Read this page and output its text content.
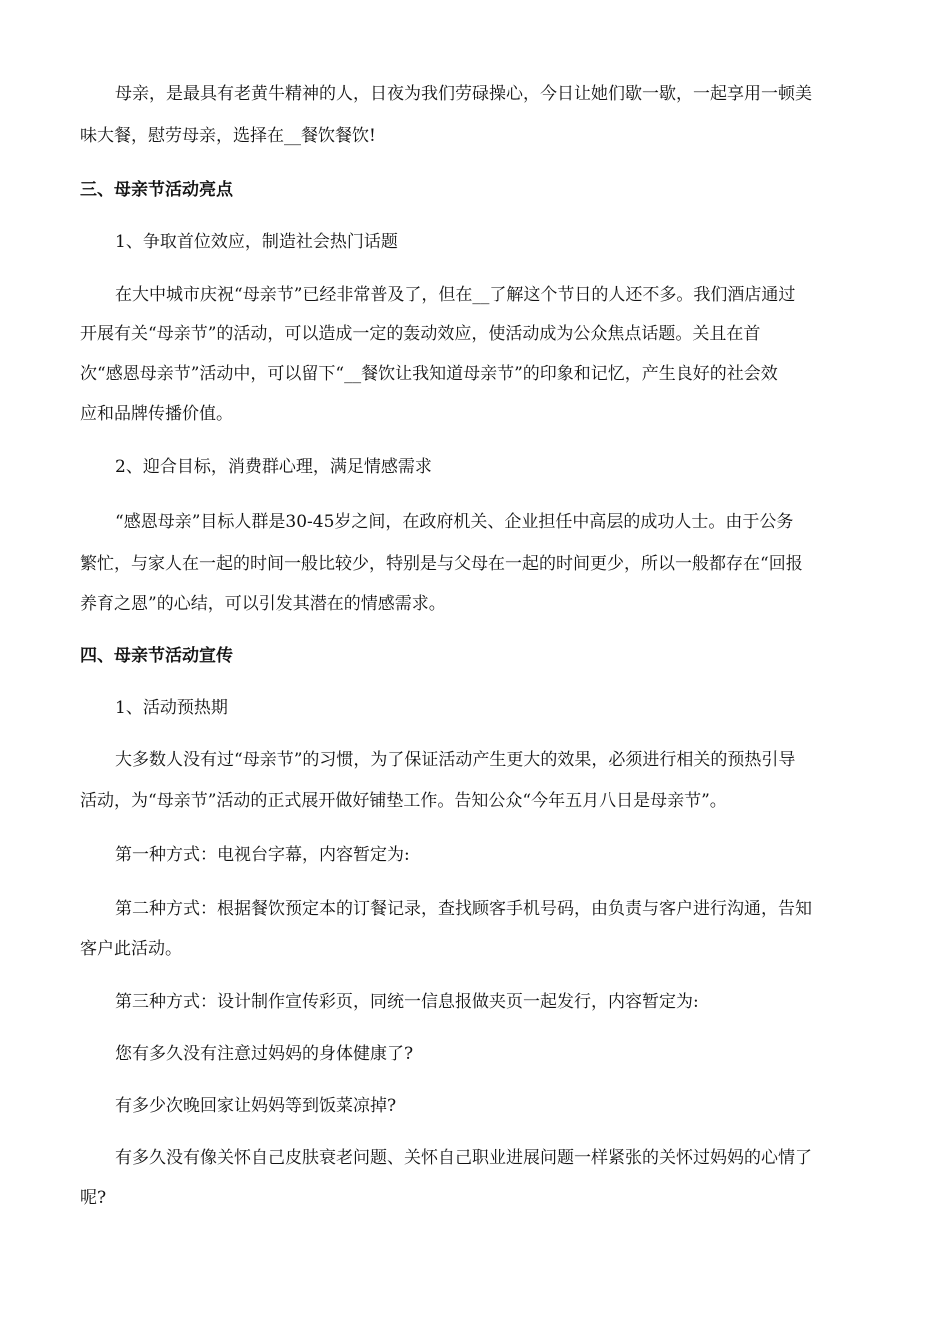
母亲，是最具有老黄牛精神的人，日夜为我们劳碌操心，今日让她们歇一歇，一起享用一顿美
味大餐，慰劳母亲，选择在__餐饮餐饮!
三、母亲节活动亮点
1、争取首位效应，制造社会热门话题
在大中城市庆祝“母亲节”已经非常普及了，但在__了解这个节日的人还不多。我们酒店通过
开展有关“母亲节”的活动，可以造成一定的轰动效应，使活动成为公众焦点话题。关且在首
次“感恩母亲节”活动中，可以留下“__餐饮让我知道母亲节”的印象和记忆，产生良好的社会效
应和品牌传播价值。
2、迎合目标，消费群心理，满足情感需求
“感恩母亲”目标人群是30-45岁之间，在政府机关、企业担任中高层的成功人士。由于公务
繁忙，与家人在一起的时间一般比较少，特别是与父母在一起的时间更少，所以一般都存在“回报
养育之恩”的心结，可以引发其潜在的情感需求。
四、母亲节活动宣传
1、活动预热期
大多数人没有过“母亲节”的习惯，为了保证活动产生更大的效果，必须进行相关的预热引导
活动，为“母亲节”活动的正式展开做好铺垫工作。告知公众“今年五月八日是母亲节”。
第一种方式：电视台字幕，内容暂定为:
第二种方式：根据餐饮预定本的订餐记录，查找顾客手机号码，由负责与客户进行沟通，告知
客户此活动。
第三种方式：设计制作宣传彩页，同统一信息报做夹页一起发行，内容暂定为:
您有多久没有注意过妈妈的身体健康了?
有多少次晚回家让妈妈等到饭菜凉掉?
有多久没有像关怀自己皮肤衰老问题、关怀自己职业进展问题一样紧张的关怀过妈妈的心情了
呢?
